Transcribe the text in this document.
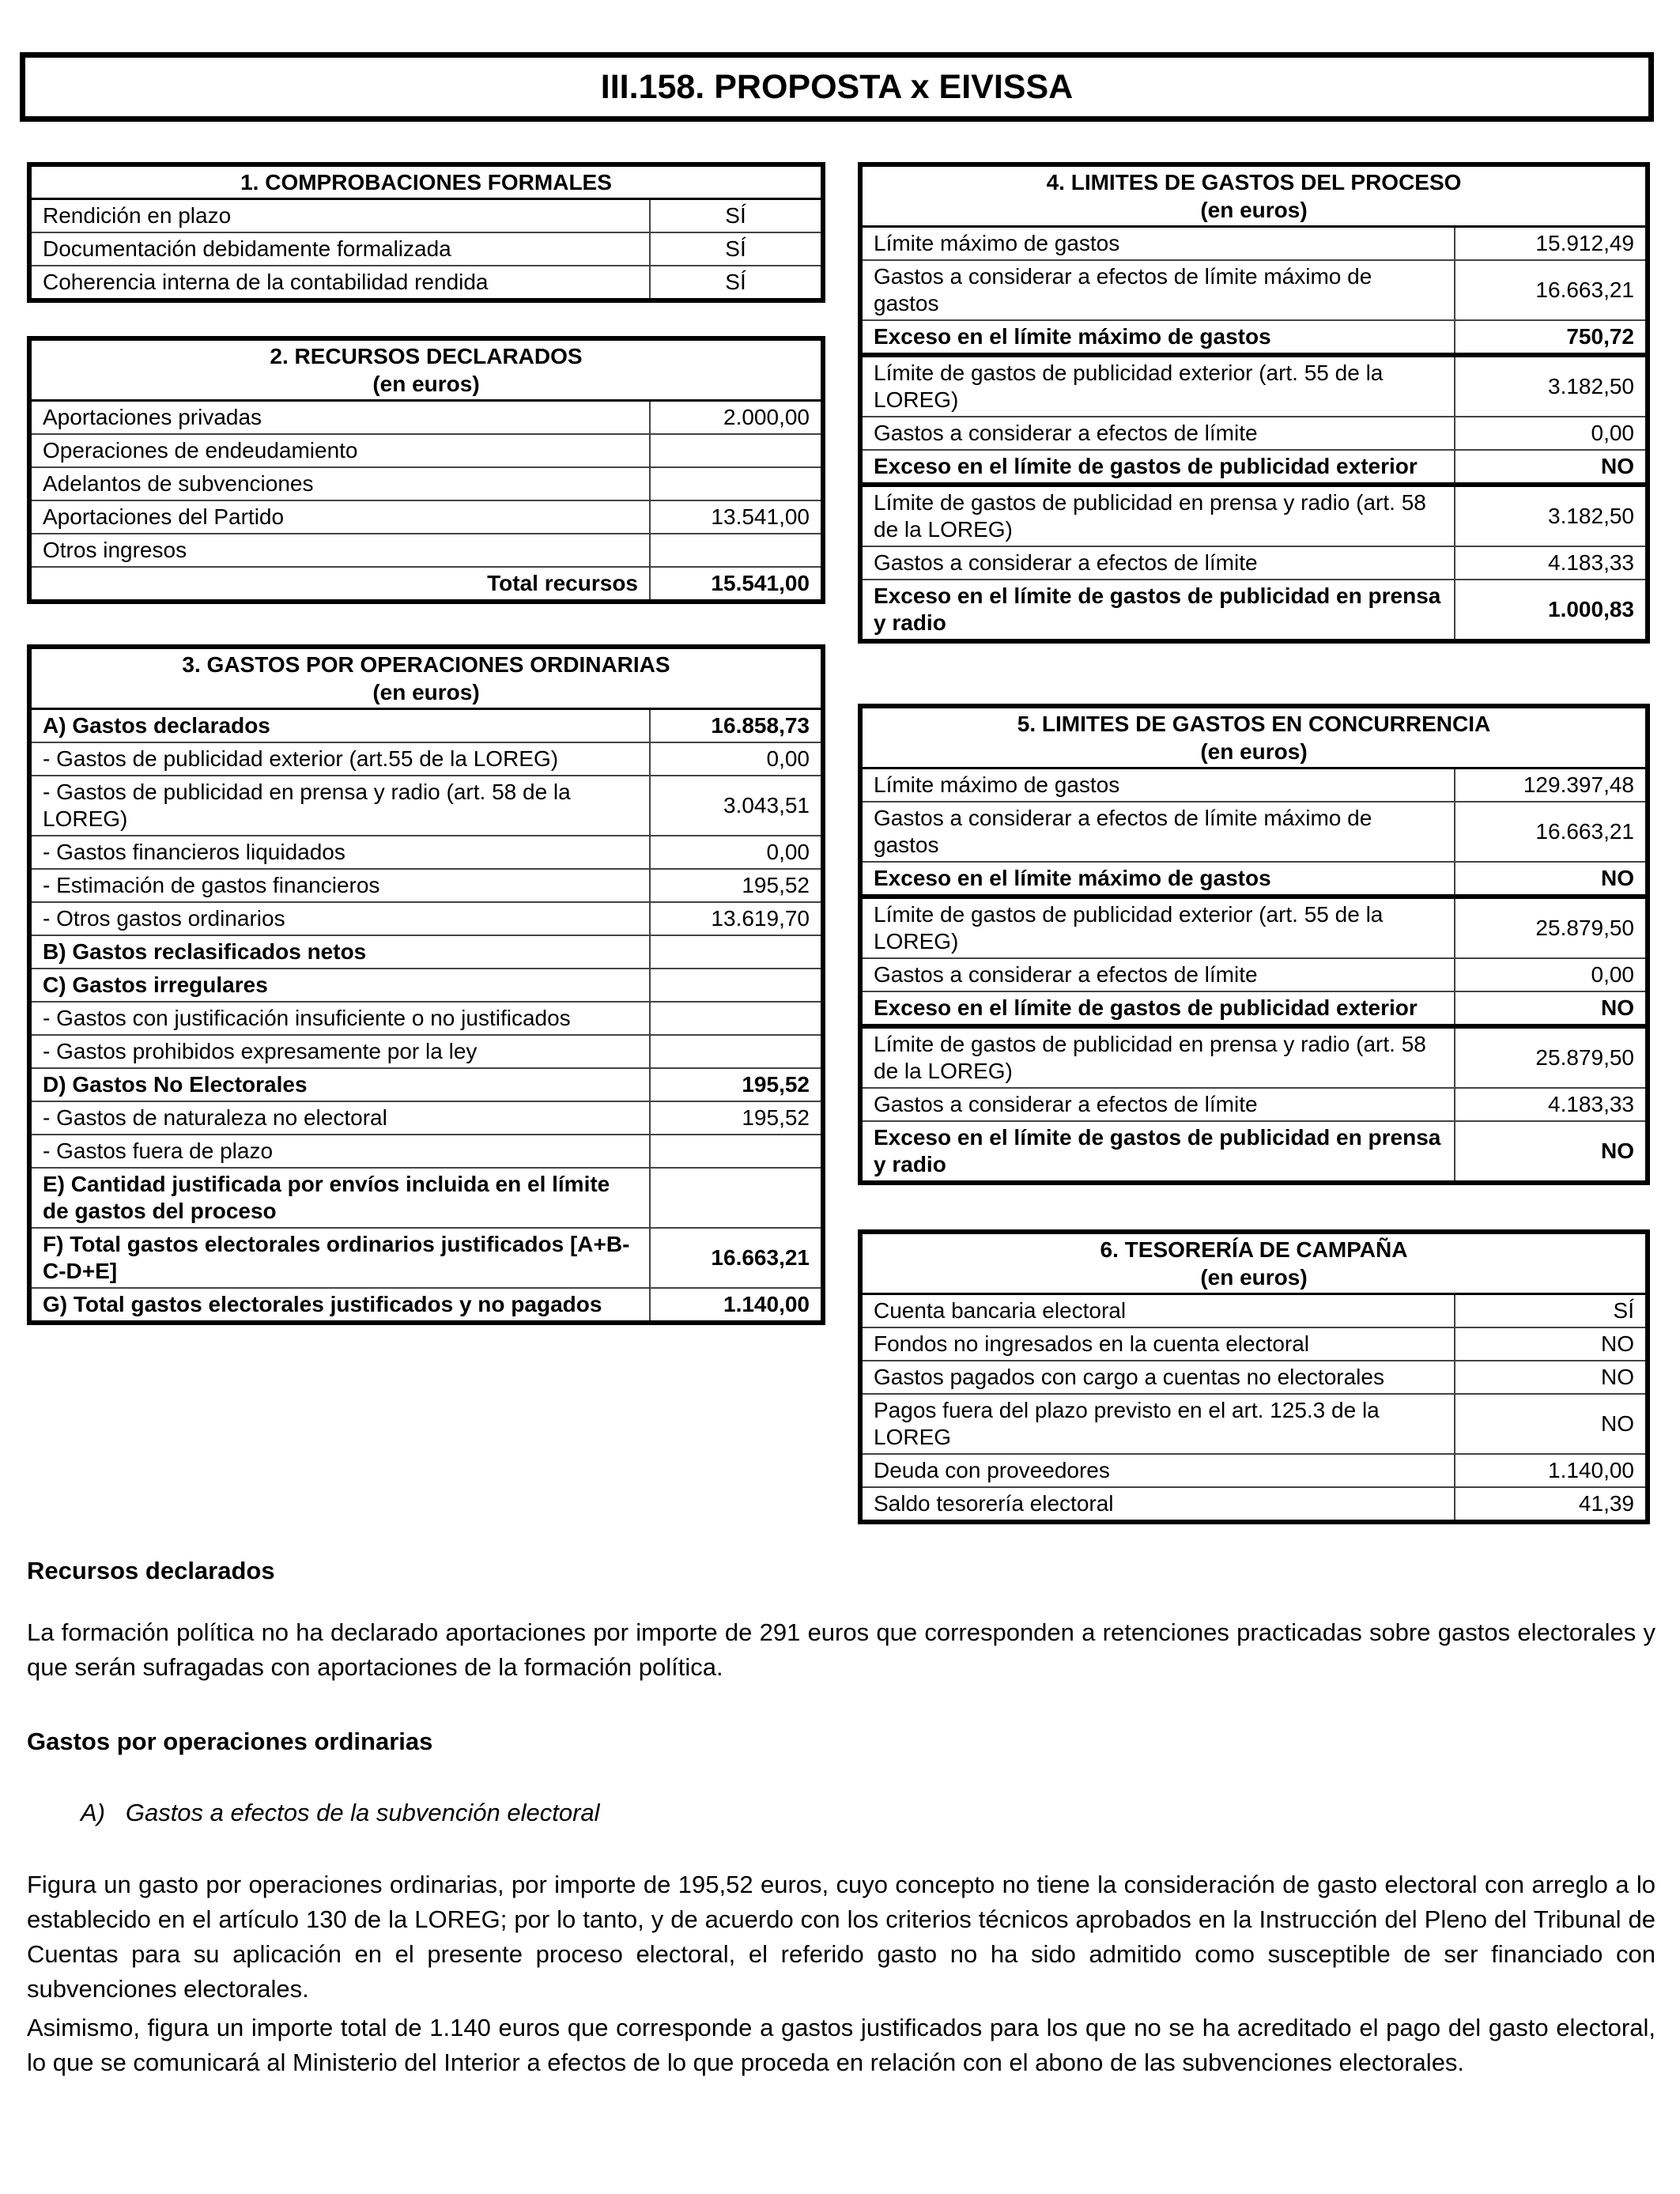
III.158. PROPOSTA x EIVISSA
1. COMPROBACIONES FORMALES	
Rendición en plazo	SÍ
Documentación debidamente formalizada	SÍ
Coherencia interna de la contabilidad rendida	SÍ
2. RECURSOS DECLARADOS
(en euros)	

Aportaciones privadas	2.000,00
Operaciones de endeudamiento	
Adelantos de subvenciones	
Aportaciones del Partido	13.541,00
Otros ingresos	
Total recursos	15.541,00
3. GASTOS POR OPERACIONES ORDINARIAS
(en euros)	

A) Gastos declarados	16.858,73
- Gastos de publicidad exterior (art.55 de la LOREG)	0,00
- Gastos de publicidad en prensa y radio (art. 58 de la LOREG)	3.043,51
- Gastos financieros liquidados	0,00
- Estimación de gastos financieros	195,52
- Otros gastos ordinarios	13.619,70
B) Gastos reclasificados netos	
C) Gastos irregulares	
- Gastos con justificación insuficiente o no justificados	
- Gastos prohibidos expresamente por la ley	
D) Gastos No Electorales	195,52
- Gastos de naturaleza no electoral	195,52
- Gastos fuera de plazo	
E) Cantidad justificada por envíos incluida en el límite de gastos del proceso	
F) Total gastos electorales ordinarios justificados [A+B-C-D+E]	16.663,21
G) Total gastos electorales justificados y no pagados	1.140,00
4. LIMITES DE GASTOS DEL PROCESO
(en euros)	

Límite máximo de gastos	15.912,49
Gastos a considerar a efectos de límite máximo de gastos	16.663,21
Exceso en el límite máximo de gastos	750,72
Límite de gastos de publicidad exterior (art. 55 de la LOREG)	3.182,50
Gastos a considerar a efectos de límite	0,00
Exceso en el límite de gastos de publicidad exterior	NO
Límite de gastos de publicidad en prensa y radio (art. 58 de la LOREG)	3.182,50
Gastos a considerar a efectos de límite	4.183,33
Exceso en el límite de gastos de publicidad en prensa y radio	1.000,83
5. LIMITES DE GASTOS EN CONCURRENCIA
(en euros)	

Límite máximo de gastos	129.397,48
Gastos a considerar a efectos de límite máximo de gastos	16.663,21
Exceso en el límite máximo de gastos	NO
Límite de gastos de publicidad exterior (art. 55 de la LOREG)	25.879,50
Gastos a considerar a efectos de límite	0,00
Exceso en el límite de gastos de publicidad exterior	NO
Límite de gastos de publicidad en prensa y radio (art. 58 de la LOREG)	25.879,50
Gastos a considerar a efectos de límite	4.183,33
Exceso en el límite de gastos de publicidad en prensa y radio	NO
6. TESORERÍA DE CAMPAÑA
(en euros)	

Cuenta bancaria electoral	SÍ
Fondos no ingresados en la cuenta electoral	NO
Gastos pagados con cargo a cuentas no electorales	NO
Pagos fuera del plazo previsto en el art. 125.3 de la LOREG	NO
Deuda con proveedores	1.140,00
Saldo tesorería electoral	41,39
Recursos declarados
La formación política no ha declarado aportaciones por importe de 291 euros que corresponden a retenciones practicadas sobre gastos electorales y que serán sufragadas con aportaciones de la formación política.
Gastos por operaciones ordinarias
A) Gastos a efectos de la subvención electoral
Figura un gasto por operaciones ordinarias, por importe de 195,52 euros, cuyo concepto no tiene la consideración de gasto electoral con arreglo a lo establecido en el artículo 130 de la LOREG; por lo tanto, y de acuerdo con los criterios técnicos aprobados en la Instrucción del Pleno del Tribunal de Cuentas para su aplicación en el presente proceso electoral, el referido gasto no ha sido admitido como susceptible de ser financiado con subvenciones electorales.
Asimismo, figura un importe total de 1.140 euros que corresponde a gastos justificados para los que no se ha acreditado el pago del gasto electoral, lo que se comunicará al Ministerio del Interior a efectos de lo que proceda en relación con el abono de las subvenciones electorales.
